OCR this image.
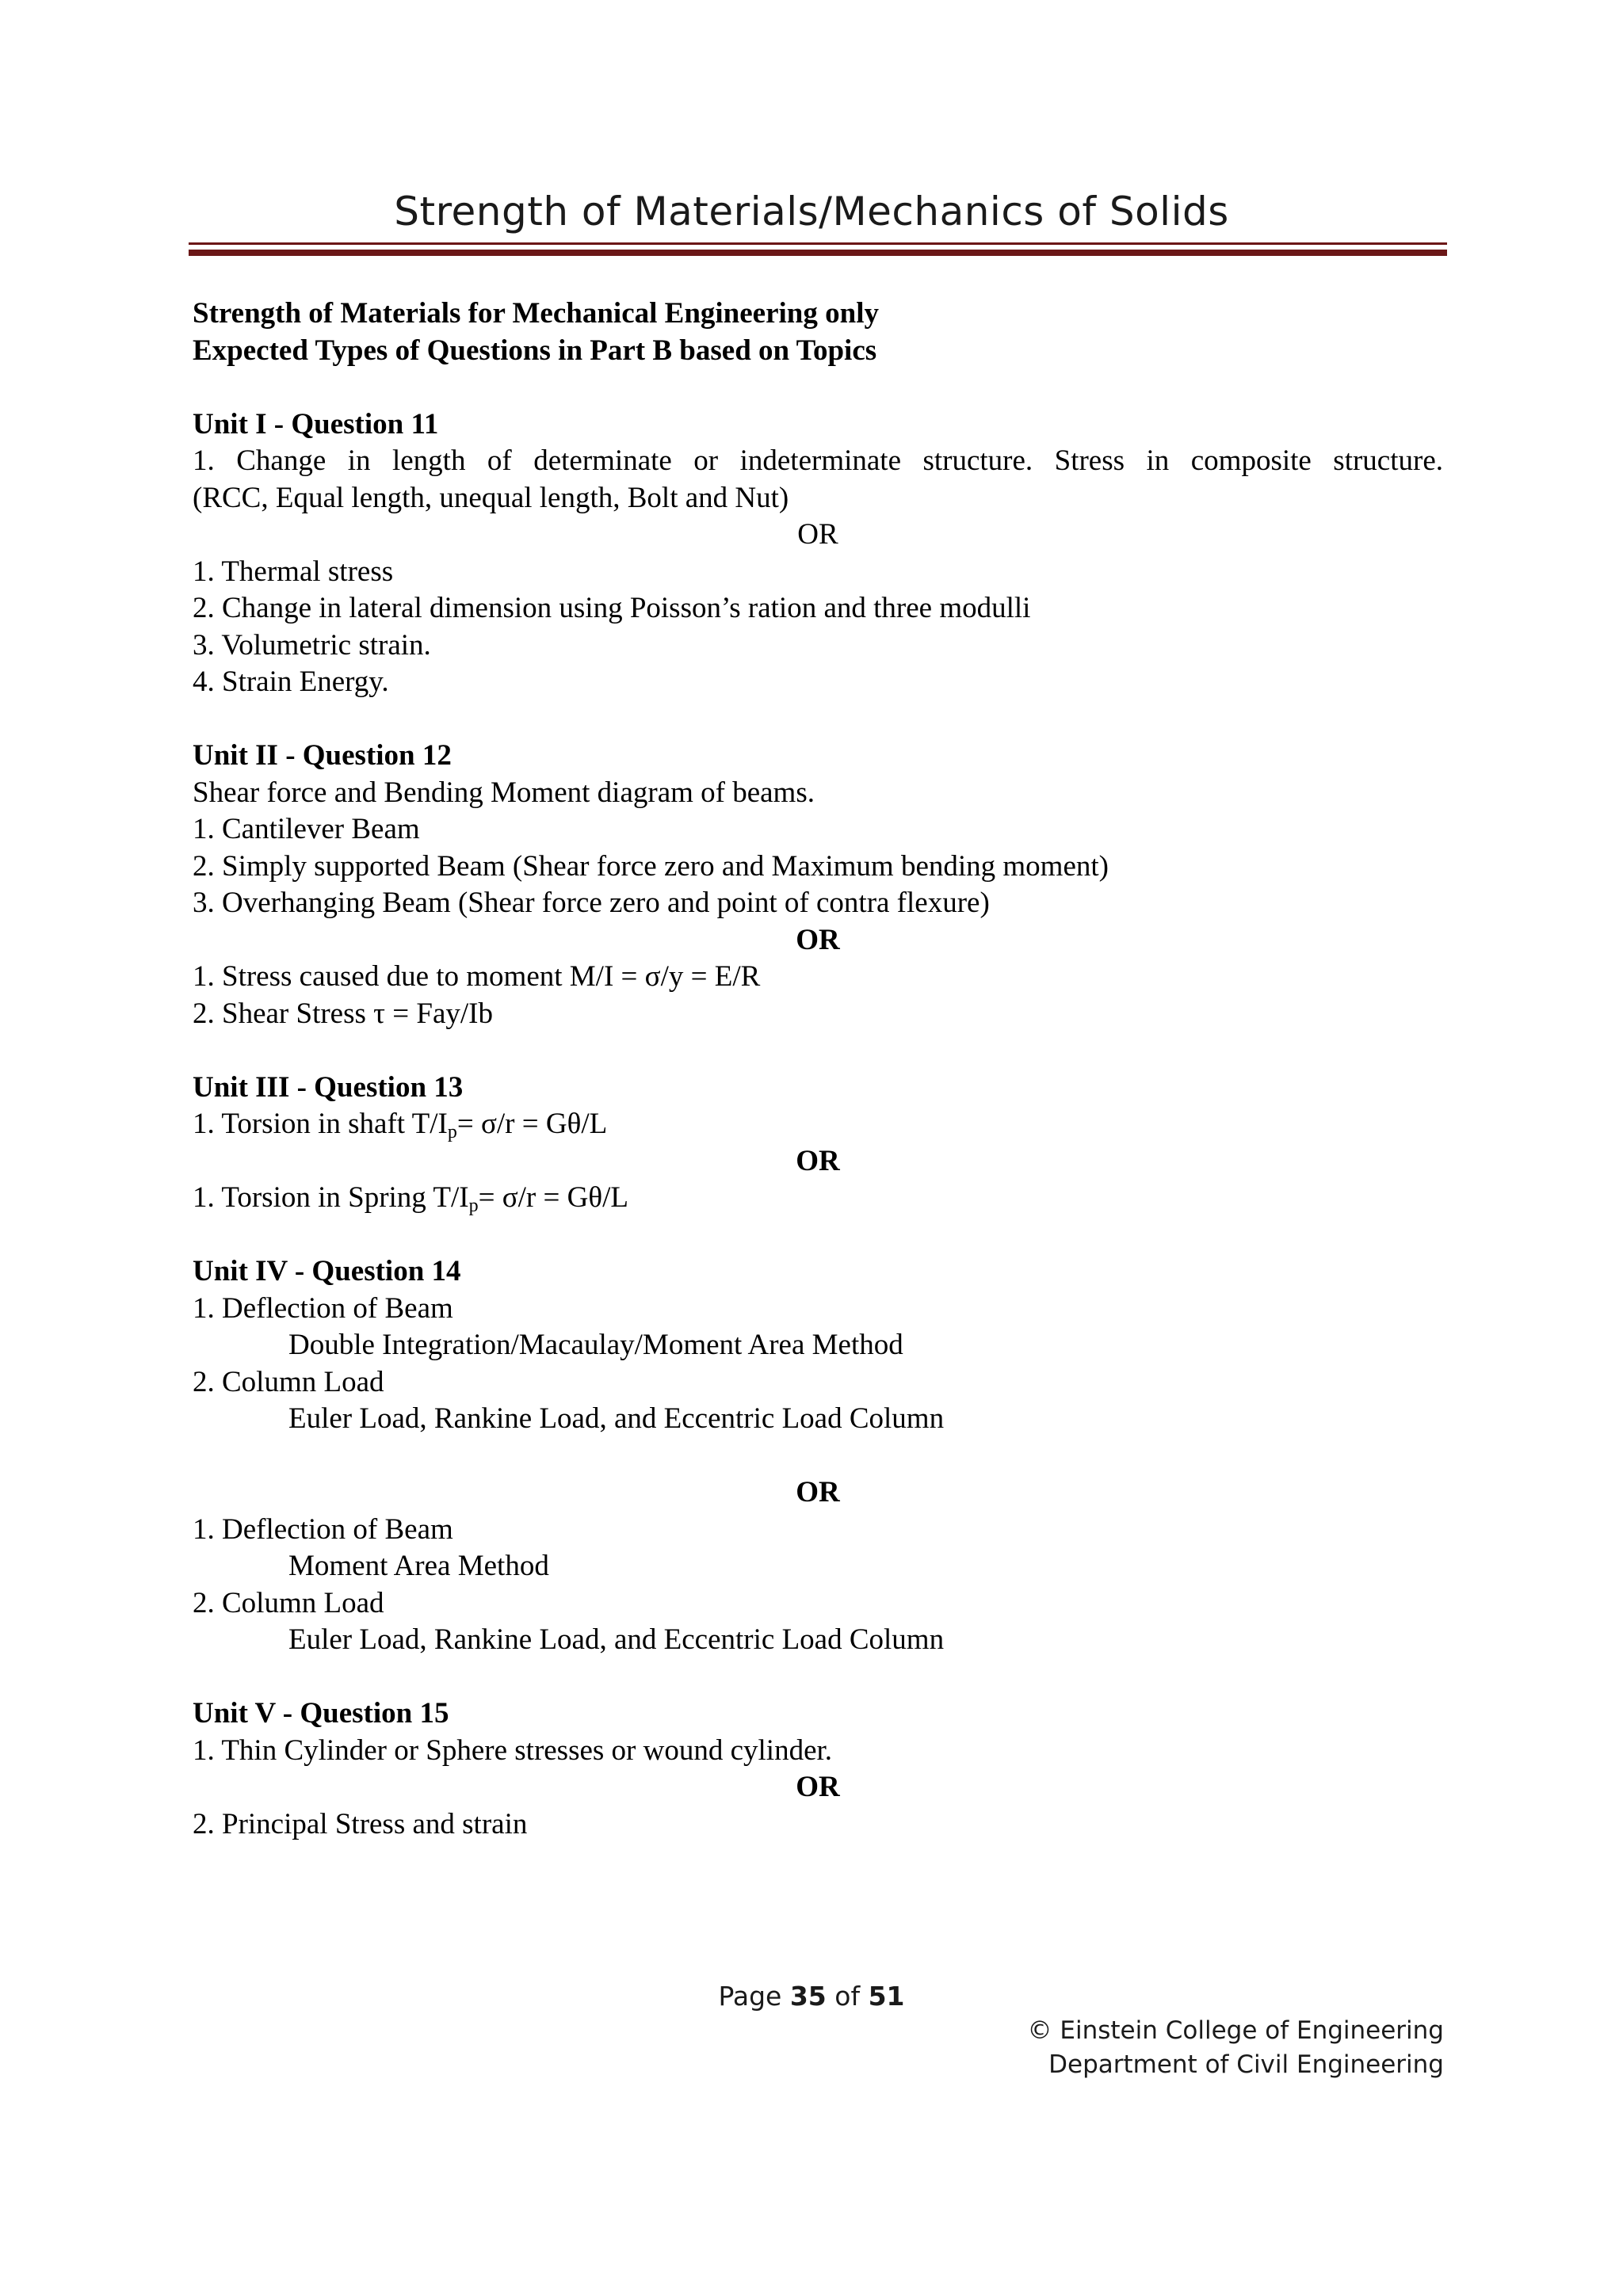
Strength of Materials/Mechanics of Solids
Strength of Materials for Mechanical Engineering only
Expected Types of Questions in Part B based on Topics
Unit I - Question 11
1. Change in length of determinate or indeterminate structure. Stress in composite structure.
(RCC, Equal length, unequal length, Bolt and Nut)
OR
1. Thermal stress
2. Change in lateral dimension using Poisson’s ration and three modulli
3. Volumetric strain.
4. Strain Energy.
Unit II - Question 12
Shear force and Bending Moment diagram of beams.
1. Cantilever Beam
2. Simply supported Beam (Shear force zero and Maximum bending moment)
3. Overhanging Beam (Shear force zero and point of contra flexure)
OR
1. Stress caused due to moment M/I = σ/y = E/R
2. Shear Stress τ = Fay/Ib
Unit III - Question 13
1. Torsion in shaft $T/I_p= \sigma/r = G\theta/L$
OR
1. Torsion in Spring $T/I_p= \sigma/r = G\theta/L$
Unit IV - Question 14
1. Deflection of Beam
Double Integration/Macaulay/Moment Area Method
2. Column Load
Euler Load, Rankine Load, and Eccentric Load Column
OR
1. Deflection of Beam
Moment Area Method
2. Column Load
Euler Load, Rankine Load, and Eccentric Load Column
Unit V - Question 15
1. Thin Cylinder or Sphere stresses or wound cylinder.
OR
2. Principal Stress and strain
Page 35 of 51
© Einstein College of Engineering
Department of Civil Engineering
